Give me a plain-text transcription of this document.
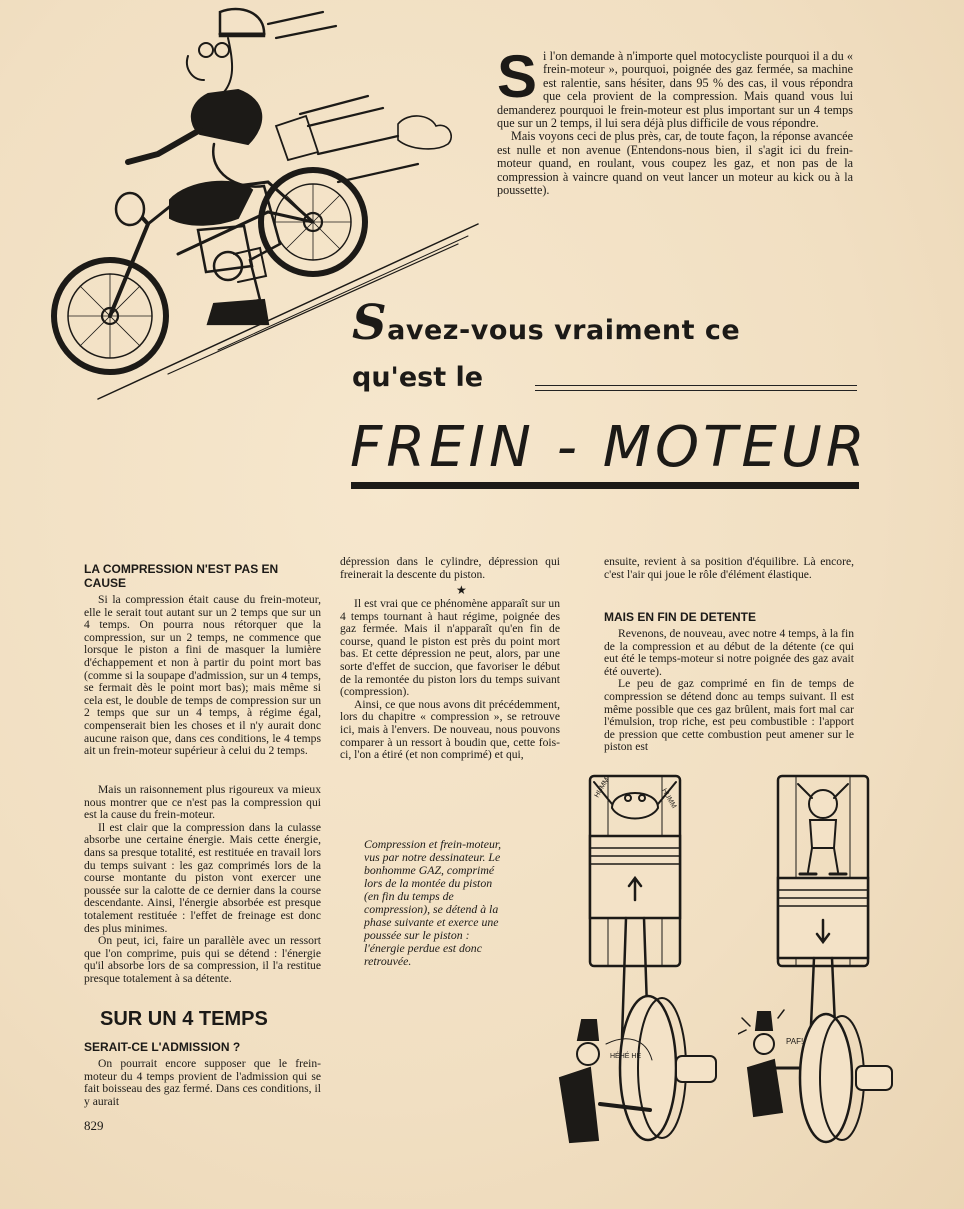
S i l'on demande à n'importe quel motocycliste pourquoi il a du « frein-moteur », pourquoi, poignée des gaz fermée, sa machine est ralentie, sans hésiter, dans 95 % des cas, il vous répondra que cela provient de la compression. Mais quand vous lui demanderez pourquoi le frein-moteur est plus important sur un 4 temps que sur un 2 temps, il lui sera déjà plus difficile de vous répondre.

Mais voyons ceci de plus près, car, de toute façon, la réponse avancée est nulle et non avenue (Entendons-nous bien, il s'agit ici du frein-moteur quand, en roulant, vous coupez les gaz, et non pas de la compression à vaincre quand on veut lancer un moteur au kick ou à la poussette).

Savez-vous vraiment ce
qu'est le
FREIN - MOTEUR
LA COMPRESSION N'EST PAS EN CAUSE

Si la compression était cause du frein-moteur, elle le serait tout autant sur un 2 temps que sur un 4 temps. On pourra nous rétorquer que la compression, sur un 2 temps, ne commence que lorsque le piston a fini de masquer la lumière d'échappement et non à partir du point mort bas (comme si la soupape d'admission, sur un 4 temps, se fermait dès le point mort bas); mais même si cela est, le double de temps de compression sur un 2 temps que sur un 4 temps, à régime égal, compenserait bien les choses et il n'y aurait donc aucune raison que, dans ces conditions, le 4 temps ait un frein-moteur supérieur à celui du 2 temps.

Mais un raisonnement plus rigoureux va mieux nous montrer que ce n'est pas la compression qui est la cause du frein-moteur.

Il est clair que la compression dans la culasse absorbe une certaine énergie. Mais cette énergie, dans sa presque totalité, est restituée en travail lors du temps suivant : les gaz comprimés lors de la course montante du piston vont exercer une poussée sur la calotte de ce dernier dans la course descendante. Ainsi, l'énergie absorbée est presque totalement restituée : l'effet de freinage est donc des plus minimes.

On peut, ici, faire un parallèle avec un ressort que l'on comprime, puis qui se détend : l'énergie qu'il absorbe lors de sa compression, il l'a restitue presque totalement à sa détente.

SUR UN 4 TEMPS
SERAIT-CE L'ADMISSION ?

On pourrait encore supposer que le frein-moteur du 4 temps provient de l'admission qui se fait boisseau des gaz fermé. Dans ces conditions, il y aurait

dépression dans le cylindre, dépression qui freinerait la descente du piston.

★

Il est vrai que ce phénomène apparaît sur un 4 temps tournant à haut régime, poignée des gaz fermée. Mais il n'apparaît qu'en fin de course, quand le piston est près du point mort bas. Et cette dépression ne peut, alors, par une sorte d'effet de succion, que favoriser le début de la remontée du piston lors du temps suivant (compression).

Ainsi, ce que nous avons dit précédemment, lors du chapitre « compression », se retrouve ici, mais à l'envers. De nouveau, nous pouvons comparer à un ressort à boudin que, cette fois-ci, l'on a étiré (et non comprimé) et qui,

ensuite, revient à sa position d'équilibre. Là encore, c'est l'air qui joue le rôle d'élément élastique.

MAIS EN FIN DE DETENTE

Revenons, de nouveau, avec notre 4 temps, à la fin de la compression et au début de la détente (ce qui eut été le temps-moteur si notre poignée des gaz avait été ouverte).

Le peu de gaz comprimé en fin de temps de compression se détend donc au temps suivant. Il est même possible que ces gaz brûlent, mais fort mal car l'émulsion, trop riche, est peu combustible : l'apport de pression que cette combustion peut amener sur le piston est

Compression et frein-moteur, vus par notre dessinateur. Le bonhomme GAZ, comprimé lors de la montée du piston (en fin du temps de compression), se détend à la phase suivante et exerce une poussée sur le piston : l'énergie perdue est donc retrouvée.

HUMM	HUMM
HÉHÉ HÉ
PAF!
829
